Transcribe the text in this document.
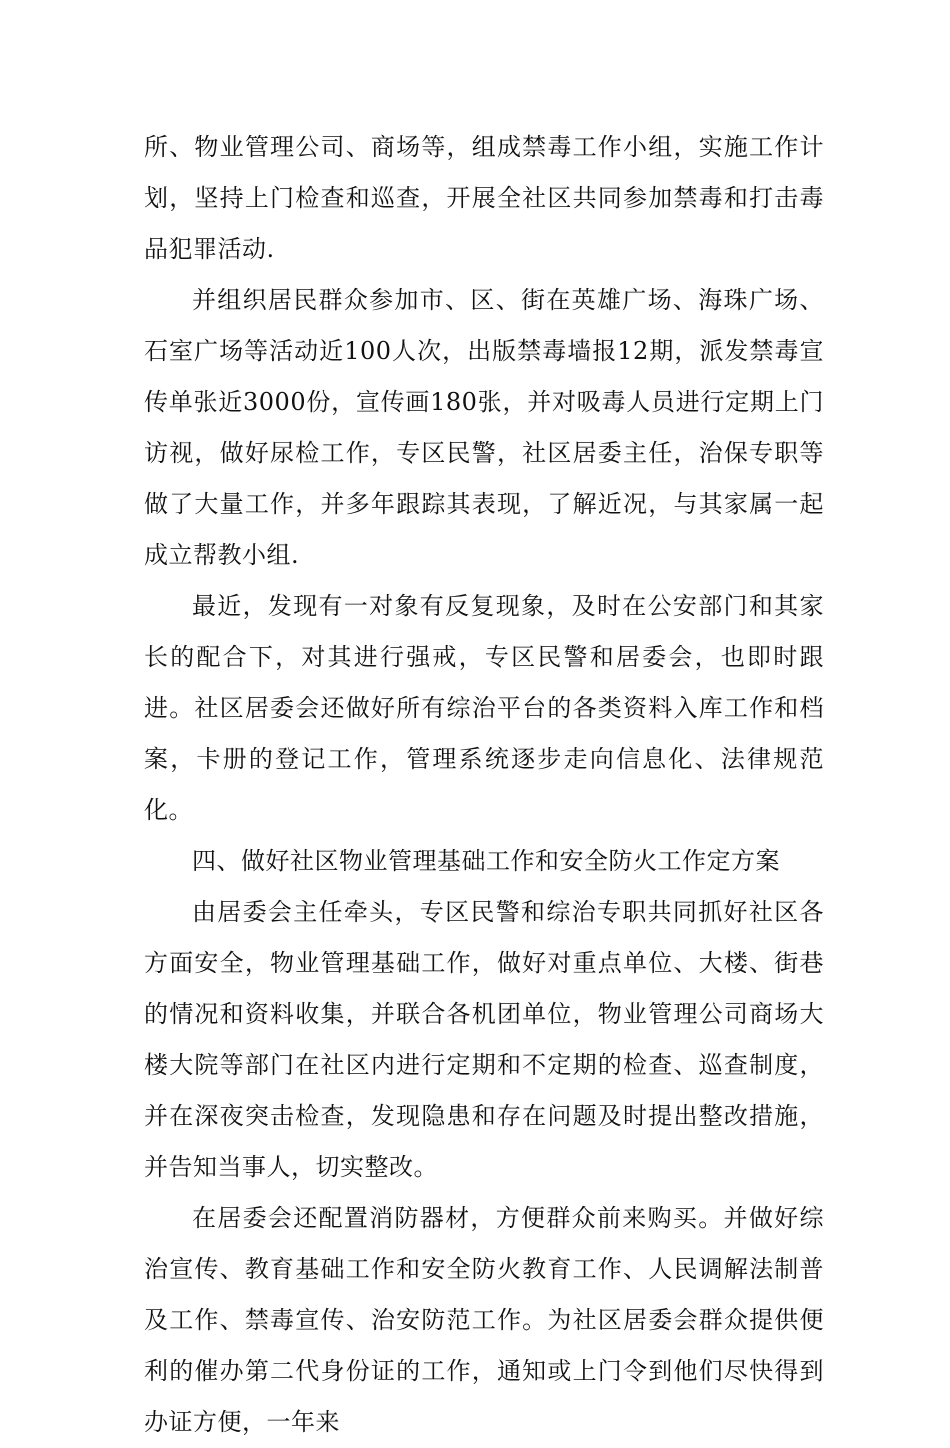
所、物业管理公司、商场等，组成禁毒工作小组，实施工作计划，坚持上门检查和巡查，开展全社区共同参加禁毒和打击毒品犯罪活动.

并组织居民群众参加市、区、街在英雄广场、海珠广场、石室广场等活动近100人次，出版禁毒墙报12期，派发禁毒宣传单张近3000份，宣传画180张，并对吸毒人员进行定期上门访视，做好尿检工作，专区民警，社区居委主任，治保专职等做了大量工作，并多年跟踪其表现，了解近况，与其家属一起成立帮教小组.

最近，发现有一对象有反复现象，及时在公安部门和其家长的配合下，对其进行强戒，专区民警和居委会，也即时跟进。社区居委会还做好所有综治平台的各类资料入库工作和档案，卡册的登记工作，管理系统逐步走向信息化、法律规范化。

四、做好社区物业管理基础工作和安全防火工作定方案

由居委会主任牵头，专区民警和综治专职共同抓好社区各方面安全，物业管理基础工作，做好对重点单位、大楼、街巷的情况和资料收集，并联合各机团单位，物业管理公司商场大楼大院等部门在社区内进行定期和不定期的检查、巡查制度，并在深夜突击检查，发现隐患和存在问题及时提出整改措施，并告知当事人，切实整改。

在居委会还配置消防器材，方便群众前来购买。并做好综治宣传、教育基础工作和安全防火教育工作、人民调解法制普及工作、禁毒宣传、治安防范工作。为社区居委会群众提供便利的催办第二代身份证的工作，通知或上门令到他们尽快得到办证方便，一年来
